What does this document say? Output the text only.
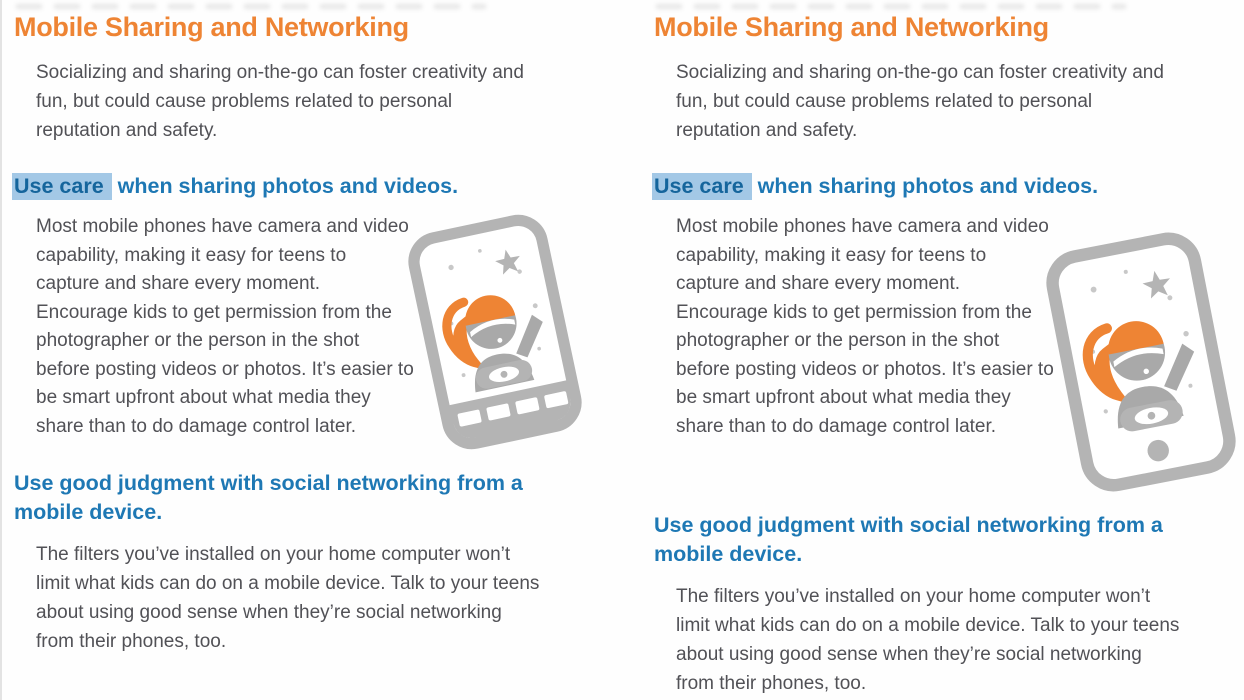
Mobile Sharing and Networking

Socializing and sharing on-the-go can foster creativity and fun, but could cause problems related to personal reputation and safety.

Use care when sharing photos and videos.

Most mobile phones have camera and video capability, making it easy for teens to capture and share every moment. Encourage kids to get permission from the photographer or the person in the shot before posting videos or photos. It’s easier to be smart upfront about what media they share than to do damage control later.

Use good judgment with social networking from a mobile device.

The filters you’ve installed on your home computer won’t limit what kids can do on a mobile device. Talk to your teens about using good sense when they’re social networking from their phones, too.

Mobile Sharing and Networking

Socializing and sharing on-the-go can foster creativity and fun, but could cause problems related to personal reputation and safety.

Use care when sharing photos and videos.

Most mobile phones have camera and video capability, making it easy for teens to capture and share every moment. Encourage kids to get permission from the photographer or the person in the shot before posting videos or photos. It’s easier to be smart upfront about what media they share than to do damage control later.

Use good judgment with social networking from a mobile device.

The filters you’ve installed on your home computer won’t limit what kids can do on a mobile device. Talk to your teens about using good sense when they’re social networking from their phones, too.
